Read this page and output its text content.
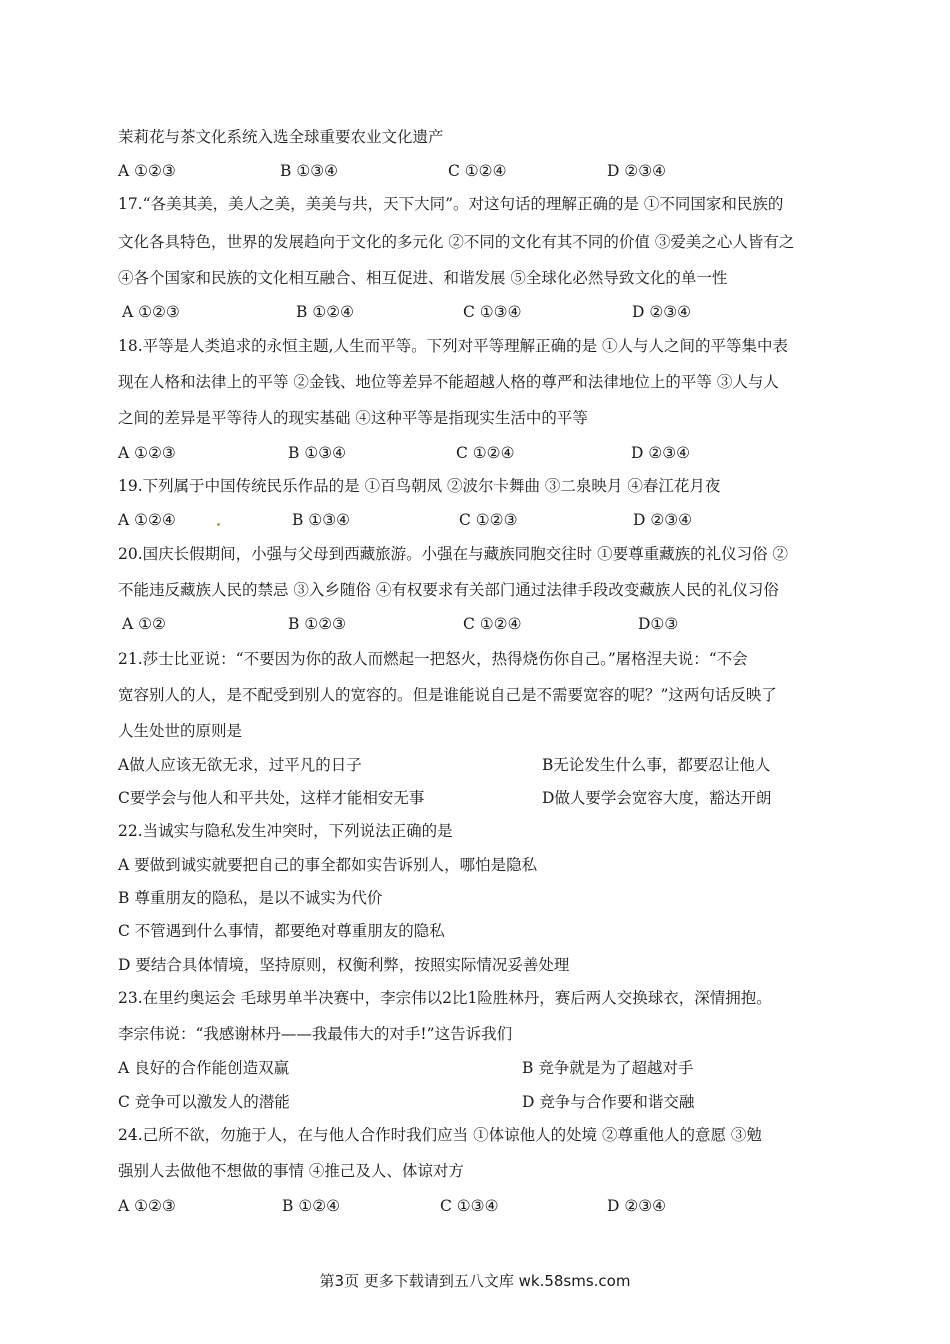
茉莉花与茶文化系统入选全球重要农业文化遗产
A ①②③	B ①③④	C ①②④	D ②③④
17.“各美其美，美人之美，美美与共，天下大同”。对这句话的理解正确的是 ①不同国家和民族的
文化各具特色，世界的发展趋向于文化的多元化 ②不同的文化有其不同的价值 ③爱美之心人皆有之
④各个国家和民族的文化相互融合、相互促进、和谐发展 ⑤全球化必然导致文化的单一性
A ①②③	B ①②④	C ①③④	D ②③④
18.平等是人类追求的永恒主题,人生而平等。下列对平等理解正确的是 ①人与人之间的平等集中表
现在人格和法律上的平等 ②金钱、地位等差异不能超越人格的尊严和法律地位上的平等 ③人与人
之间的差异是平等待人的现实基础 ④这种平等是指现实生活中的平等
A ①②③	B ①③④	C ①②④	D ②③④
19.下列属于中国传统民乐作品的是 ①百鸟朝凤 ②波尔卡舞曲 ③二泉映月 ④春江花月夜
A ①②④	B ①③④	C ①②③	D ②③④
20.国庆长假期间，小强与父母到西藏旅游。小强在与藏族同胞交往时 ①要尊重藏族的礼仪习俗 ②
不能违反藏族人民的禁忌 ③入乡随俗 ④有权要求有关部门通过法律手段改变藏族人民的礼仪习俗
A ①②	B ①②③	C ①②④	D①③
21.莎士比亚说：“不要因为你的敌人而燃起一把怒火，热得烧伤你自己。”屠格涅夫说：“不会
宽容别人的人，是不配受到别人的宽容的。但是谁能说自己是不需要宽容的呢？”这两句话反映了
人生处世的原则是
A做人应该无欲无求，过平凡的日子	B无论发生什么事，都要忍让他人
C要学会与他人和平共处，这样才能相安无事	D做人要学会宽容大度，豁达开朗
22.当诚实与隐私发生冲突时，下列说法正确的是
A 要做到诚实就要把自己的事全都如实告诉别人，哪怕是隐私
B 尊重朋友的隐私，是以不诚实为代价
C 不管遇到什么事情，都要绝对尊重朋友的隐私
D 要结合具体情境，坚持原则，权衡利弊，按照实际情况妥善处理
23.在里约奥运会 毛球男单半决赛中，李宗伟以2比1险胜林丹，赛后两人交换球衣，深情拥抱。
李宗伟说：“我感谢林丹——我最伟大的对手!”这告诉我们
A 良好的合作能创造双赢	B 竞争就是为了超越对手
C 竞争可以激发人的潜能	D 竞争与合作要和谐交融
24.己所不欲，勿施于人，在与他人合作时我们应当 ①体谅他人的处境 ②尊重他人的意愿 ③勉
强别人去做他不想做的事情 ④推己及人、体谅对方
A ①②③	B ①②④	C ①③④	D ②③④
第3页 更多下载请到五八文库 wk.58sms.com
